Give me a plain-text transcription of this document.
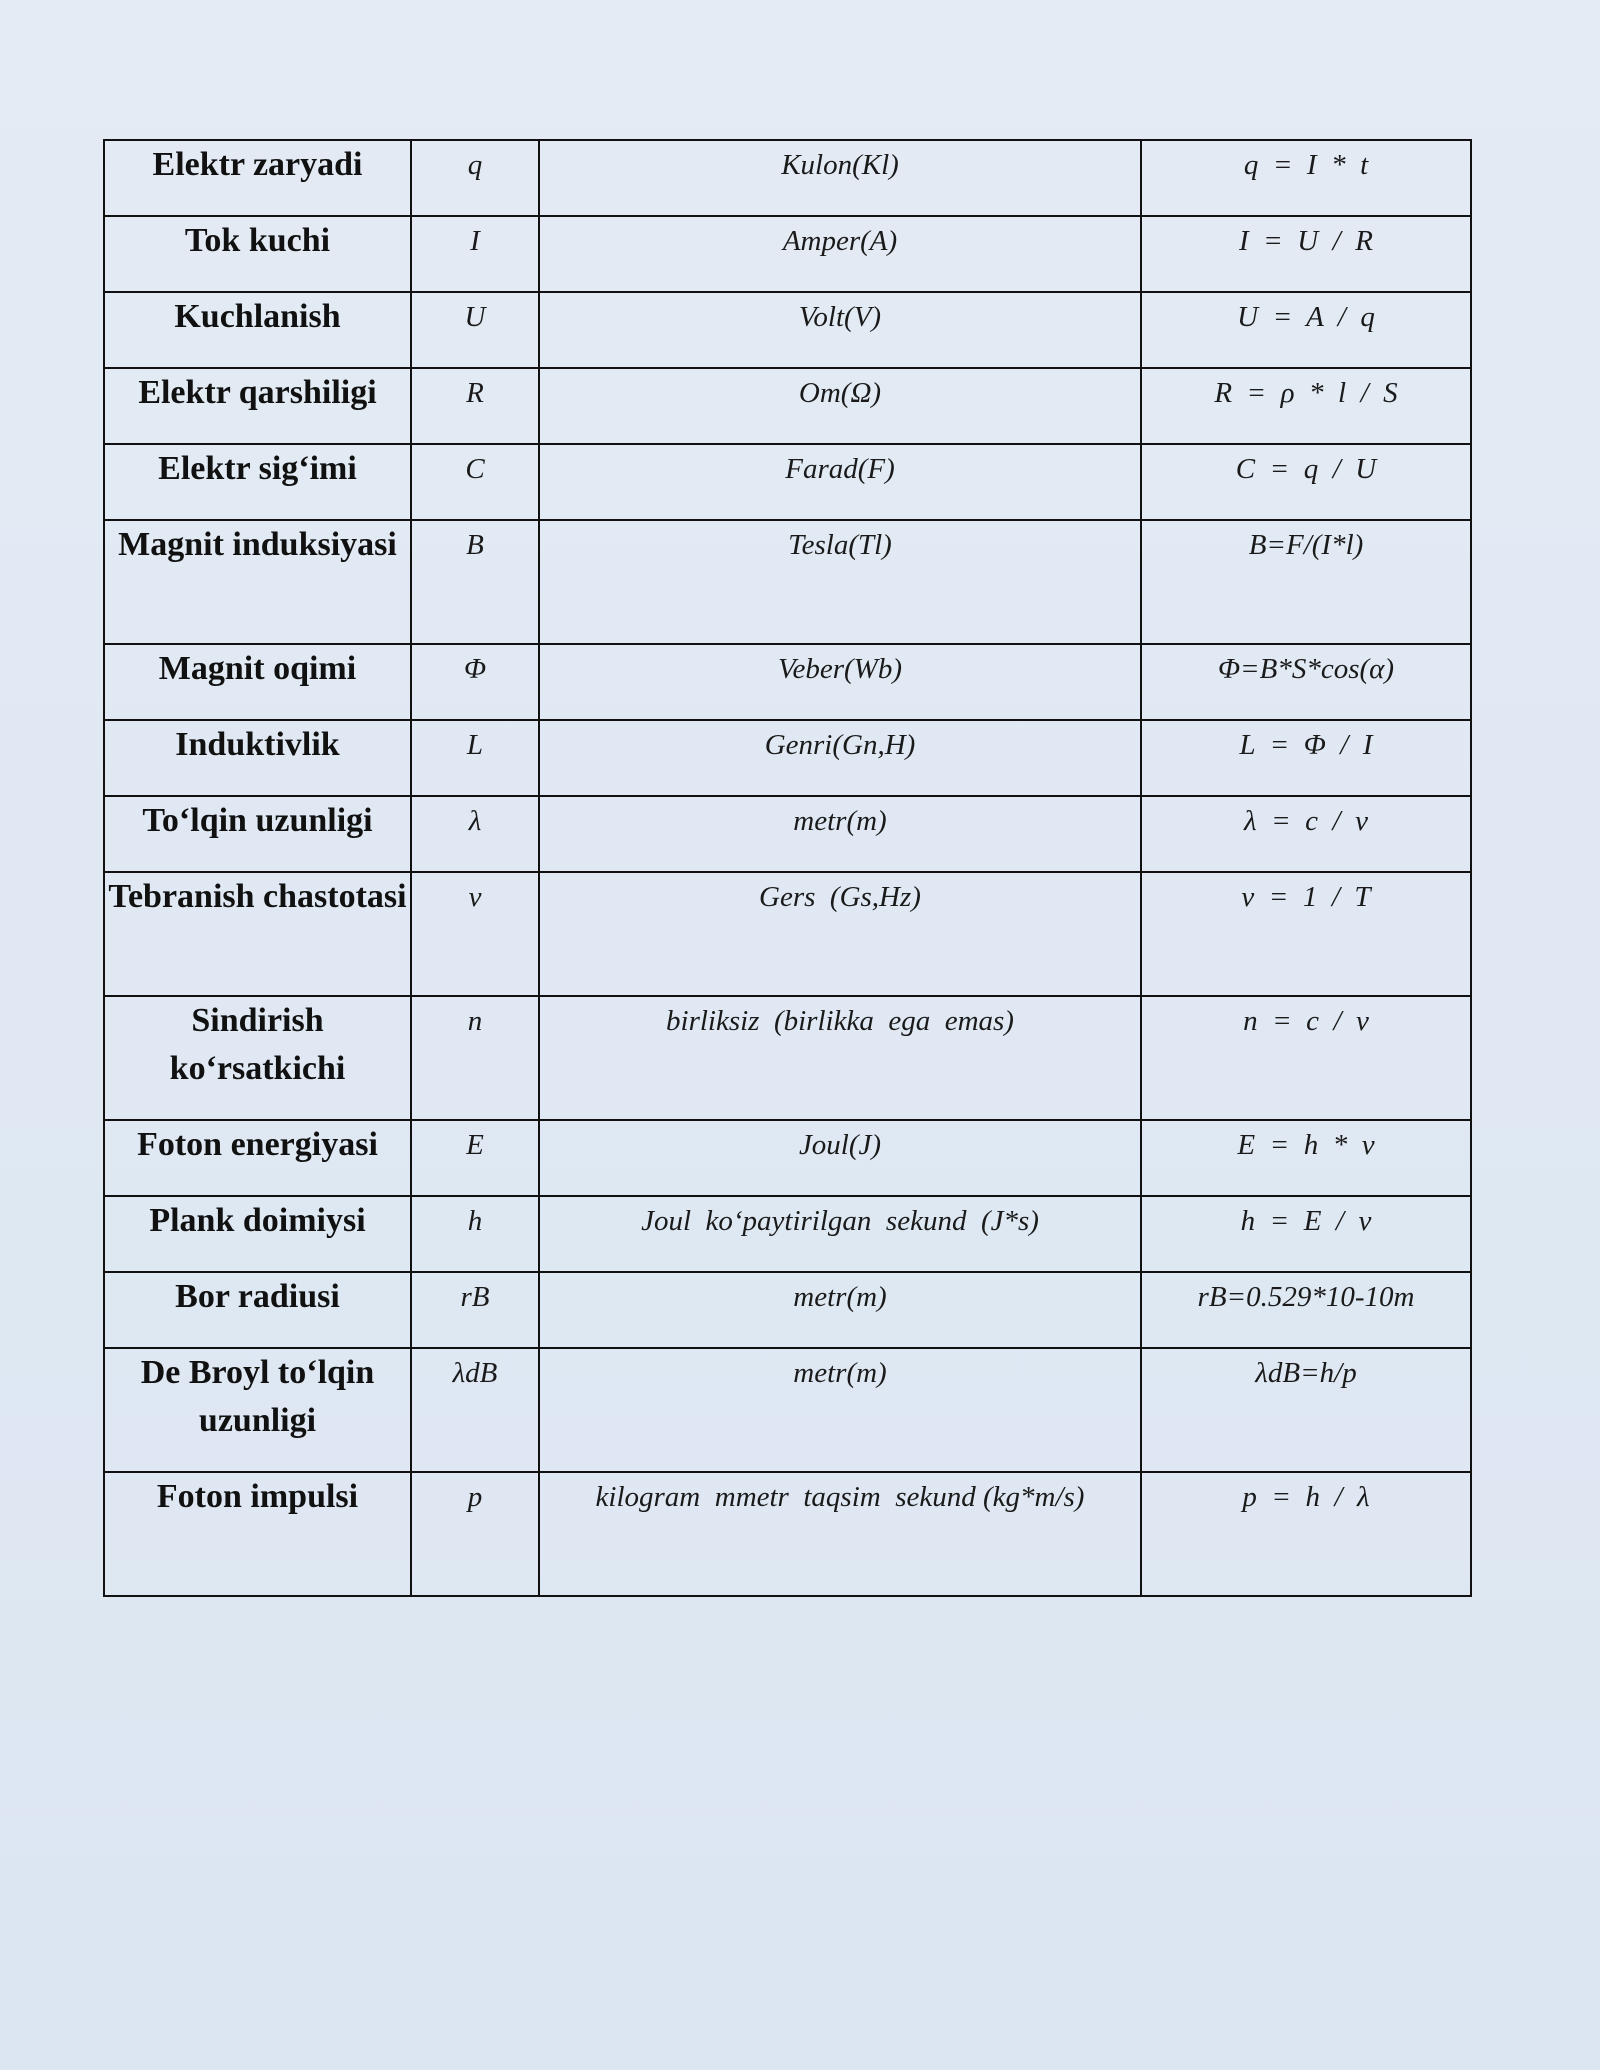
Elektr zaryadi	q	Kulon(Kl)	q  =  I  *  t
Tok kuchi	I	Amper(A)	I  =  U  /  R
Kuchlanish	U	Volt(V)	U  =  A  /  q
Elektr qarshiligi	R	Om(Ω)	R  =  ρ  *  l  /  S
Elektr sig‘imi	C	Farad(F)	C  =  q  /  U
Magnit induksiyasi	B	Tesla(Tl)	B=F/(I*l)
Magnit oqimi	Φ	Veber(Wb)	Φ=B*S*cos(α)
Induktivlik	L	Genri(Gn,H)	L  =  Φ  /  I
To‘lqin uzunligi	λ	metr(m)	λ  =  c  /  v
Tebranish chastotasi	v	Gers  (Gs,Hz)	v  =  1  /  T
Sindirish ko‘rsatkichi	n	birliksiz  (birlikka  ega  emas)	n  =  c  /  v
Foton energiyasi	E	Joul(J)	E  =  h  *  v
Plank doimiysi	h	Joul  ko‘paytirilgan  sekund  (J*s)	h  =  E  /  v
Bor radiusi	rB	metr(m)	rB=0.529*10-10m
De Broyl to‘lqin uzunligi	λdB	metr(m)	λdB=h/p
Foton impulsi	p	kilogram  mmetr  taqsim  sekund (kg*m/s)	p  =  h  /  λ
